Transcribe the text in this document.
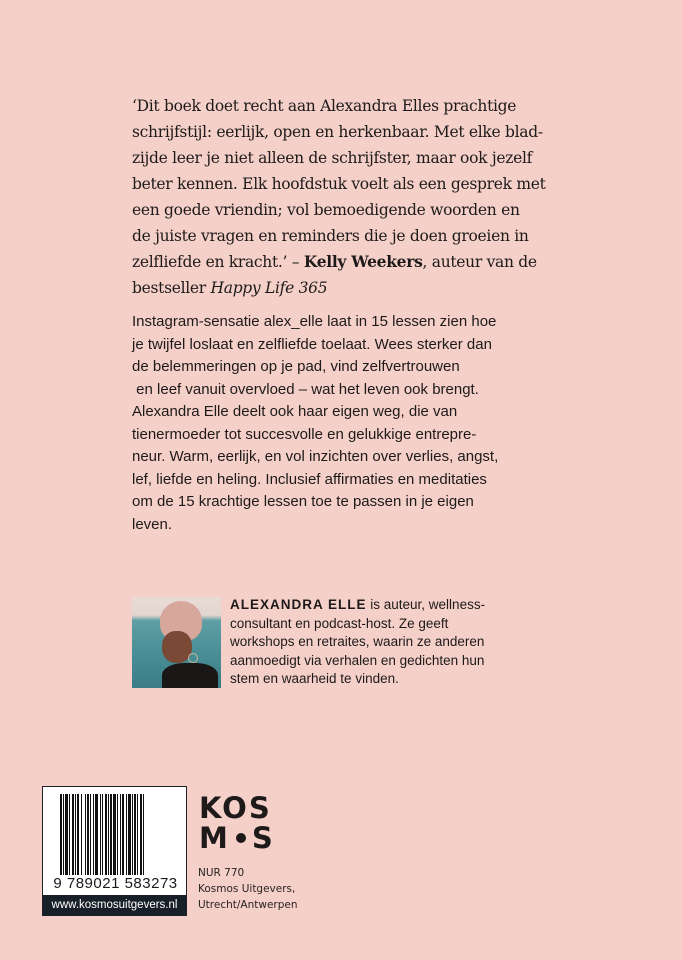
‘Dit boek doet recht aan Alexandra Elles prachtige
schrijfstijl: eerlijk, open en herkenbaar. Met elke blad-
zijde leer je niet alleen de schrijfster, maar ook jezelf
beter kennen. Elk hoofdstuk voelt als een gesprek met
een goede vriendin; vol bemoedigende woorden en
de juiste vragen en reminders die je doen groeien in
zelfliefde en kracht.’ – Kelly Weekers, auteur van de
bestseller Happy Life 365
Instagram-sensatie alex_elle laat in 15 lessen zien hoe
je twijfel loslaat en zelfliefde toelaat. Wees sterker dan
de belemmeringen op je pad, vind zelfvertrouwen
en leef vanuit overvloed – wat het leven ook brengt.
Alexandra Elle deelt ook haar eigen weg, die van
tienermoeder tot succesvolle en gelukkige entrepre-
neur. Warm, eerlijk, en vol inzichten over verlies, angst,
lef, liefde en heling. Inclusief affirmaties en meditaties
om de 15 krachtige lessen toe te passen in je eigen
leven.
ALEXANDRA ELLE is auteur, wellness-
consultant en podcast-host. Ze geeft
workshops en retraites, waarin ze anderen
aanmoedigt via verhalen en gedichten hun
stem en waarheid te vinden.
9 789021 583273
www.kosmosuitgevers.nl
KOS
M S
NUR 770
Kosmos Uitgevers,
Utrecht/Antwerpen
